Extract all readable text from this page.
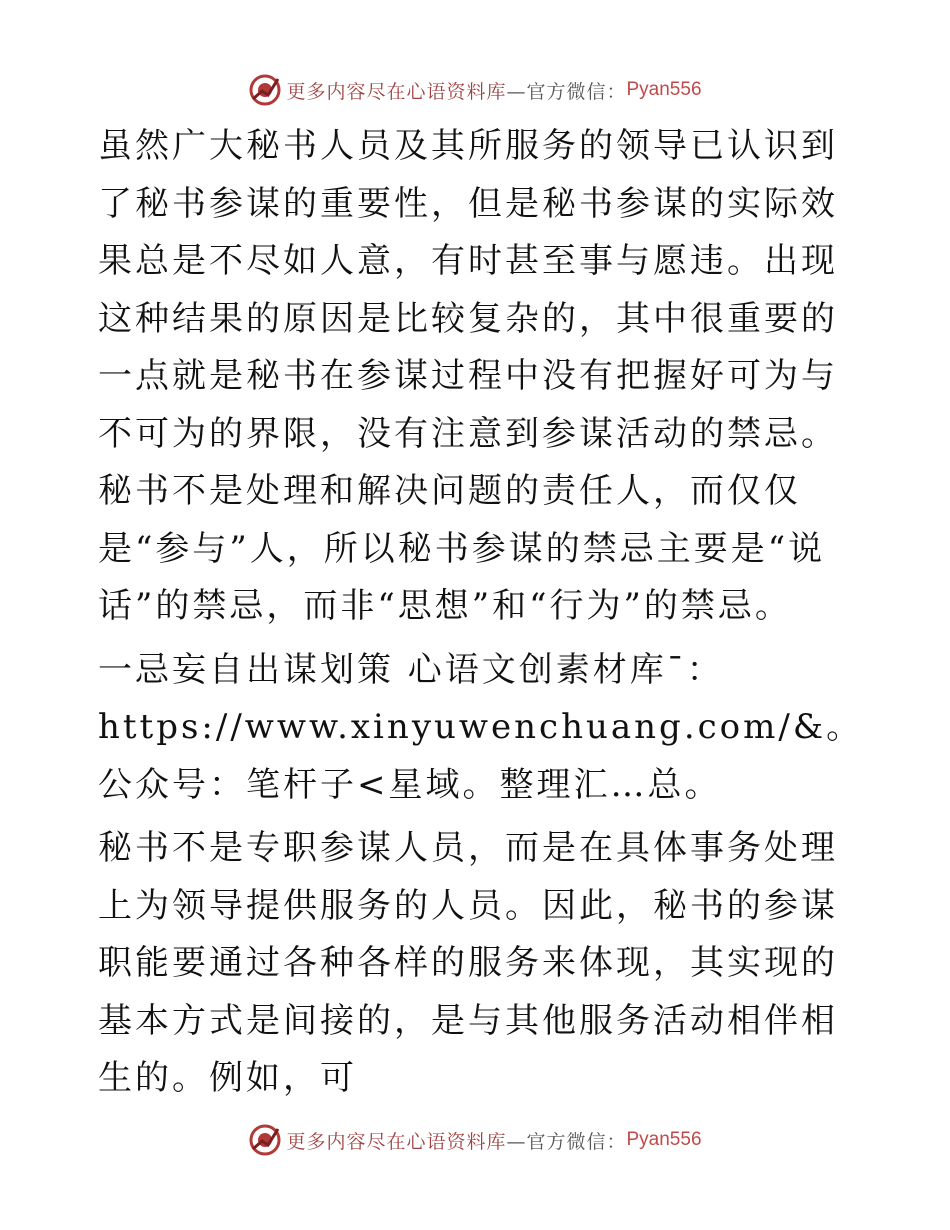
更多内容尽在心语资料库 —官方微信： Pyan556

虽然广大秘书人员及其所服务的领导已认识到了秘书参谋的重要性，但是秘书参谋的实际效果总是不尽如人意，有时甚至事与愿违。出现这种结果的原因是比较复杂的，其中很重要的一点就是秘书在参谋过程中没有把握好可为与不可为的界限，没有注意到参谋活动的禁忌。秘书不是处理和解决问题的责任人，而仅仅是“参与”人，所以秘书参谋的禁忌主要是“说话”的禁忌，而非“思想”和“行为”的禁忌。

一忌妄自出谋划策 心语文创素材库¯：https://www.xinyuwenchuang.com/&。公众号：笔杆子<星域。整理汇…总。

秘书不是专职参谋人员，而是在具体事务处理上为领导提供服务的人员。因此，秘书的参谋职能要通过各种各样的服务来体现，其实现的基本方式是间接的，是与其他服务活动相伴相生的。例如，可

更多内容尽在心语资料库 —官方微信： Pyan556
